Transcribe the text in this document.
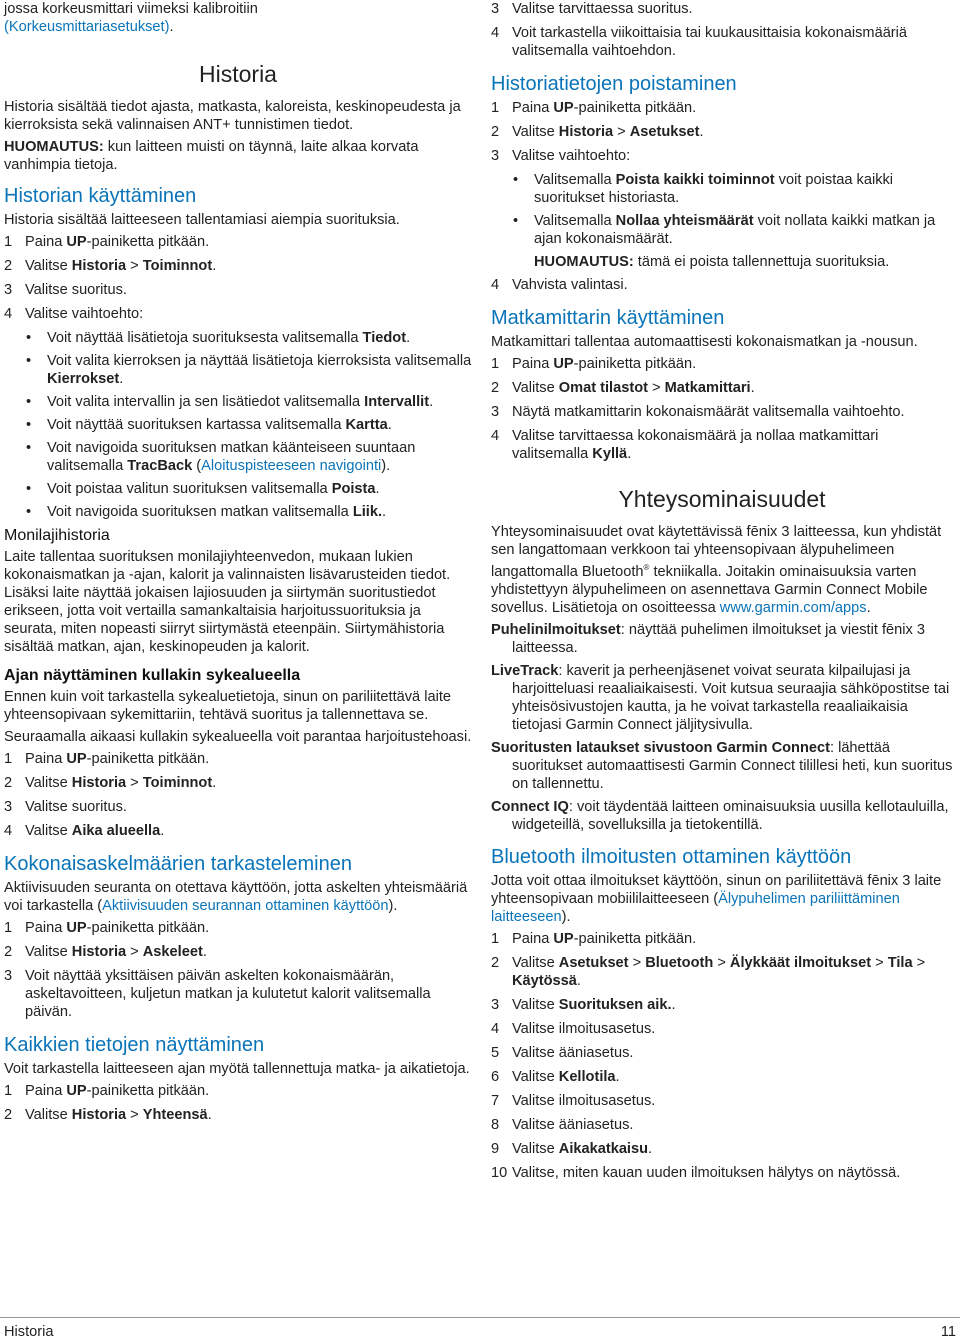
jossa korkeusmittari viimeksi kalibroitiin
(Korkeusmittariasetukset).

Historia

Historia sisältää tiedot ajasta, matkasta, kaloreista, keskinopeudesta ja kierroksista sekä valinnaisen ANT+ tunnistimen tiedot.

HUOMAUTUS: kun laitteen muisti on täynnä, laite alkaa korvata vanhimpia tietoja.

Historian käyttäminen

Historia sisältää laitteeseen tallentamiasi aiempia suorituksia.

1 Paina UP-painiketta pitkään.
2 Valitse Historia > Toiminnot.
3 Valitse suoritus.
4 Valitse vaihtoehto:
• Voit näyttää lisätietoja suorituksesta valitsemalla Tiedot.
• Voit valita kierroksen ja näyttää lisätietoja kierroksista valitsemalla Kierrokset.
• Voit valita intervallin ja sen lisätiedot valitsemalla Intervallit.
• Voit näyttää suorituksen kartassa valitsemalla Kartta.
• Voit navigoida suorituksen matkan käänteiseen suuntaan valitsemalla TracBack (Aloituspisteeseen navigointi).
• Voit poistaa valitun suorituksen valitsemalla Poista.
• Voit navigoida suorituksen matkan valitsemalla Liik..
Monilajihistoria

Laite tallentaa suorituksen monilajiyhteenvedon, mukaan lukien kokonaismatkan ja -ajan, kalorit ja valinnaisten lisävarusteiden tiedot. Lisäksi laite näyttää jokaisen lajiosuuden ja siirtymän suoritustiedot erikseen, jotta voit vertailla samankaltaisia harjoitussuorituksia ja seurata, miten nopeasti siirryt siirtymästä eteenpäin. Siirtymähistoria sisältää matkan, ajan, keskinopeuden ja kalorit.

Ajan näyttäminen kullakin sykealueella

Ennen kuin voit tarkastella sykealuetietoja, sinun on pariliitettävä laite yhteensopivaan sykemittariin, tehtävä suoritus ja tallennettava se.

Seuraamalla aikaasi kullakin sykealueella voit parantaa harjoitustehoasi.

1 Paina UP-painiketta pitkään.
2 Valitse Historia > Toiminnot.
3 Valitse suoritus.
4 Valitse Aika alueella.
Kokonaisaskelmäärien tarkasteleminen

Aktiivisuuden seuranta on otettava käyttöön, jotta askelten yhteismääriä voi tarkastella (Aktiivisuuden seurannan ottaminen käyttöön).

1 Paina UP-painiketta pitkään.
2 Valitse Historia > Askeleet.
3 Voit näyttää yksittäisen päivän askelten kokonaismäärän, askeltavoitteen, kuljetun matkan ja kulutetut kalorit valitsemalla päivän.
Kaikkien tietojen näyttäminen

Voit tarkastella laitteeseen ajan myötä tallennettuja matka- ja aikatietoja.

1 Paina UP-painiketta pitkään.
2 Valitse Historia > Yhteensä.
3 Valitse tarvittaessa suoritus.
4 Voit tarkastella viikoittaisia tai kuukausittaisia kokonaismääriä valitsemalla vaihtoehdon.
Historiatietojen poistaminen
1 Paina UP-painiketta pitkään.
2 Valitse Historia > Asetukset.
3 Valitse vaihtoehto:
• Valitsemalla Poista kaikki toiminnot voit poistaa kaikki suoritukset historiasta.
• Valitsemalla Nollaa yhteismäärät voit nollata kaikki matkan ja ajan kokonaismäärät.

HUOMAUTUS: tämä ei poista tallennettuja suorituksia.

4 Vahvista valintasi.
Matkamittarin käyttäminen

Matkamittari tallentaa automaattisesti kokonaismatkan ja -nousun.

1 Paina UP-painiketta pitkään.
2 Valitse Omat tilastot > Matkamittari.
3 Näytä matkamittarin kokonaismäärät valitsemalla vaihtoehto.
4 Valitse tarvittaessa kokonaismäärä ja nollaa matkamittari valitsemalla Kyllä.
Yhteysominaisuudet

Yhteysominaisuudet ovat käytettävissä fēnix 3 laitteessa, kun yhdistät sen langattomaan verkkoon tai yhteensopivaan älypuhelimeen langattomalla Bluetooth® tekniikalla. Joitakin ominaisuuksia varten yhdistettyyn älypuhelimeen on asennettava Garmin Connect Mobile sovellus. Lisätietoja on osoitteessa www.garmin.com/apps.

Puhelinilmoitukset: näyttää puhelimen ilmoitukset ja viestit fēnix 3 laitteessa.

LiveTrack: kaverit ja perheenjäsenet voivat seurata kilpailujasi ja harjoitteluasi reaaliaikaisesti. Voit kutsua seuraajia sähköpostitse tai yhteisösivustojen kautta, ja he voivat tarkastella reaaliaikaisia tietojasi Garmin Connect jäljitysivulla.

Suoritusten lataukset sivustoon Garmin Connect: lähettää suoritukset automaattisesti Garmin Connect tilillesi heti, kun suoritus on tallennettu.

Connect IQ: voit täydentää laitteen ominaisuuksia uusilla kellotauluilla, widgeteillä, sovelluksilla ja tietokentillä.

Bluetooth ilmoitusten ottaminen käyttöön

Jotta voit ottaa ilmoitukset käyttöön, sinun on pariliitettävä fēnix 3 laite yhteensopivaan mobiililaitteeseen (Älypuhelimen pariliittäminen laitteeseen).

1 Paina UP-painiketta pitkään.
2 Valitse Asetukset > Bluetooth > Älykkäät ilmoitukset > Tila > Käytössä.
3 Valitse Suorituksen aik..
4 Valitse ilmoitusasetus.
5 Valitse ääniasetus.
6 Valitse Kellotila.
7 Valitse ilmoitusasetus.
8 Valitse ääniasetus.
9 Valitse Aikakatkaisu.
10 Valitse, miten kauan uuden ilmoituksen hälytys on näytössä.
Historia	11
